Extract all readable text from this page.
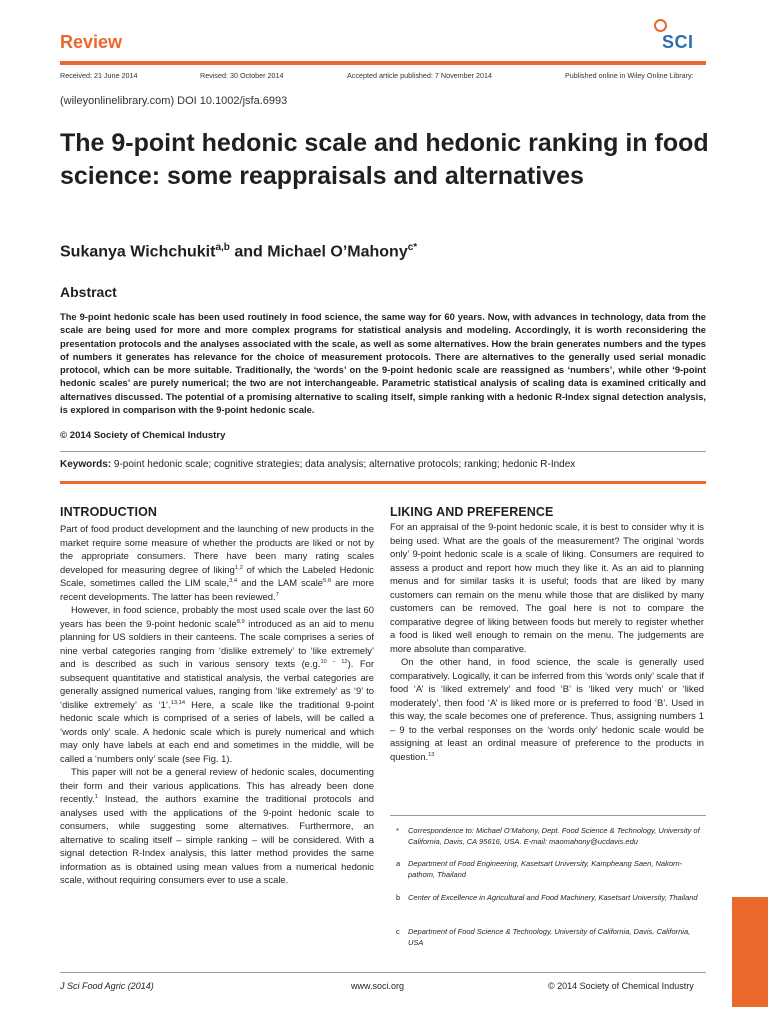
Review	SCI
Received: 21 June 2014	Revised: 30 October 2014	Accepted article published: 7 November 2014	Published online in Wiley Online Library:
(wileyonlinelibrary.com) DOI 10.1002/jsfa.6993
The 9-point hedonic scale and hedonic ranking in food science: some reappraisals and alternatives
Sukanya Wichchukit$^{a,b}$ and Michael O’Mahony$^{c*}$
Abstract
The 9-point hedonic scale has been used routinely in food science, the same way for 60 years. Now, with advances in technology, data from the scale are being used for more and more complex programs for statistical analysis and modeling. Accordingly, it is worth reconsidering the presentation protocols and the analyses associated with the scale, as well as some alternatives. How the brain generates numbers and the types of numbers it generates has relevance for the choice of measurement protocols. There are alternatives to the generally used serial monadic protocol, which can be more suitable. Traditionally, the ‘words’ on the 9-point hedonic scale are reassigned as ‘numbers’, while other ‘9-point hedonic scales’ are purely numerical; the two are not interchangeable. Parametric statistical analysis of scaling data is examined critically and alternatives discussed. The potential of a promising alternative to scaling itself, simple ranking with a hedonic R-Index signal detection analysis, is explored in comparison with the 9-point hedonic scale.
© 2014 Society of Chemical Industry
Keywords: 9-point hedonic scale; cognitive strategies; data analysis; alternative protocols; ranking; hedonic R-Index
INTRODUCTION	LIKING AND PREFERENCE

Part of food product development and the launching of new products in the market require some measure of whether the products are liked or not by the appropriate consumers. There have been many rating scales developed for measuring degree of liking$^{1,2}$ of which the Labeled Hedonic Scale, sometimes called the LIM scale,$^{3,4}$ and the LAM scale$^{5,6}$ are more recent developments. The latter has been reviewed.$^7$

However, in food science, probably the most used scale over the last 60 years has been the 9-point hedonic scale$^{8,9}$ introduced as an aid to menu planning for US soldiers in their canteens. The scale comprises a series of nine verbal categories ranging from ‘dislike extremely’ to ‘like extremely’ and is described as such in various sensory texts (e.g.$^{10 - 12}$). For subsequent quantitative and statistical analysis, the verbal categories are generally assigned numerical values, ranging from ‘like extremely’ as ‘9’ to ‘dislike extremely’ as ‘1’.$^{13,14}$ Here, a scale like the traditional 9-point hedonic scale which is comprised of a series of labels, will be called a ‘words only’ scale. A hedonic scale which is purely numerical and which may only have labels at each end and sometimes in the middle, will be called a ‘numbers only’ scale (see Fig. 1).

This paper will not be a general review of hedonic scales, documenting their form and their various applications. This has already been done recently.$^1$ Instead, the authors examine the traditional protocols and analyses used with the applications of the 9-point hedonic scale to consumers, while suggesting some alternatives. Furthermore, an alternative to scaling itself – simple ranking – will be considered. With a signal detection R-Index analysis, this latter method provides the same information as is obtained using mean values from a numerical hedonic scale, without requiring consumers ever to use a scale.

For an appraisal of the 9-point hedonic scale, it is best to consider why it is being used. What are the goals of the measurement? The original ‘words only’ 9-point hedonic scale is a scale of liking. Consumers are required to assess a product and report how much they like it. As an aid to planning menus and for similar tasks it is useful; foods that are liked by many customers can remain on the menu while those that are disliked by many customers can be removed. The goal here is not to compare the comparative degree of liking between foods but merely to register whether a food is liked well enough to remain on the menu. The judgements are more absolute than comparative.

On the other hand, in food science, the scale is generally used comparatively. Logically, it can be inferred from this ‘words only’ scale that if food ‘A’ is ‘liked extremely’ and food ‘B’ is ‘liked very much’ or ‘liked moderately’, then food ‘A’ is liked more or is preferred to food ‘B’. Used in this way, the scale becomes one of preference. Thus, assigning numbers 1 – 9 to the verbal responses on the ‘words only’ hedonic scale would be assigning at least an ordinal measure of preference to the products in question.$^{13}$

* Correspondence to: Michael O’Mahony, Dept. Food Science & Technology, University of California, Davis, CA 95616, USA. E-mail: maomahony@ucdavis.edu
a Department of Food Engineering, Kasetsart University, Kampheang Saen, Nakorn-pathom, Thailand
b Center of Excellence in Agricultural and Food Machinery, Kasetsart University, Thailand
c Department of Food Science & Technology, University of California, Davis, California, USA
J Sci Food Agric (2014)	www.soci.org	© 2014 Society of Chemical Industry
